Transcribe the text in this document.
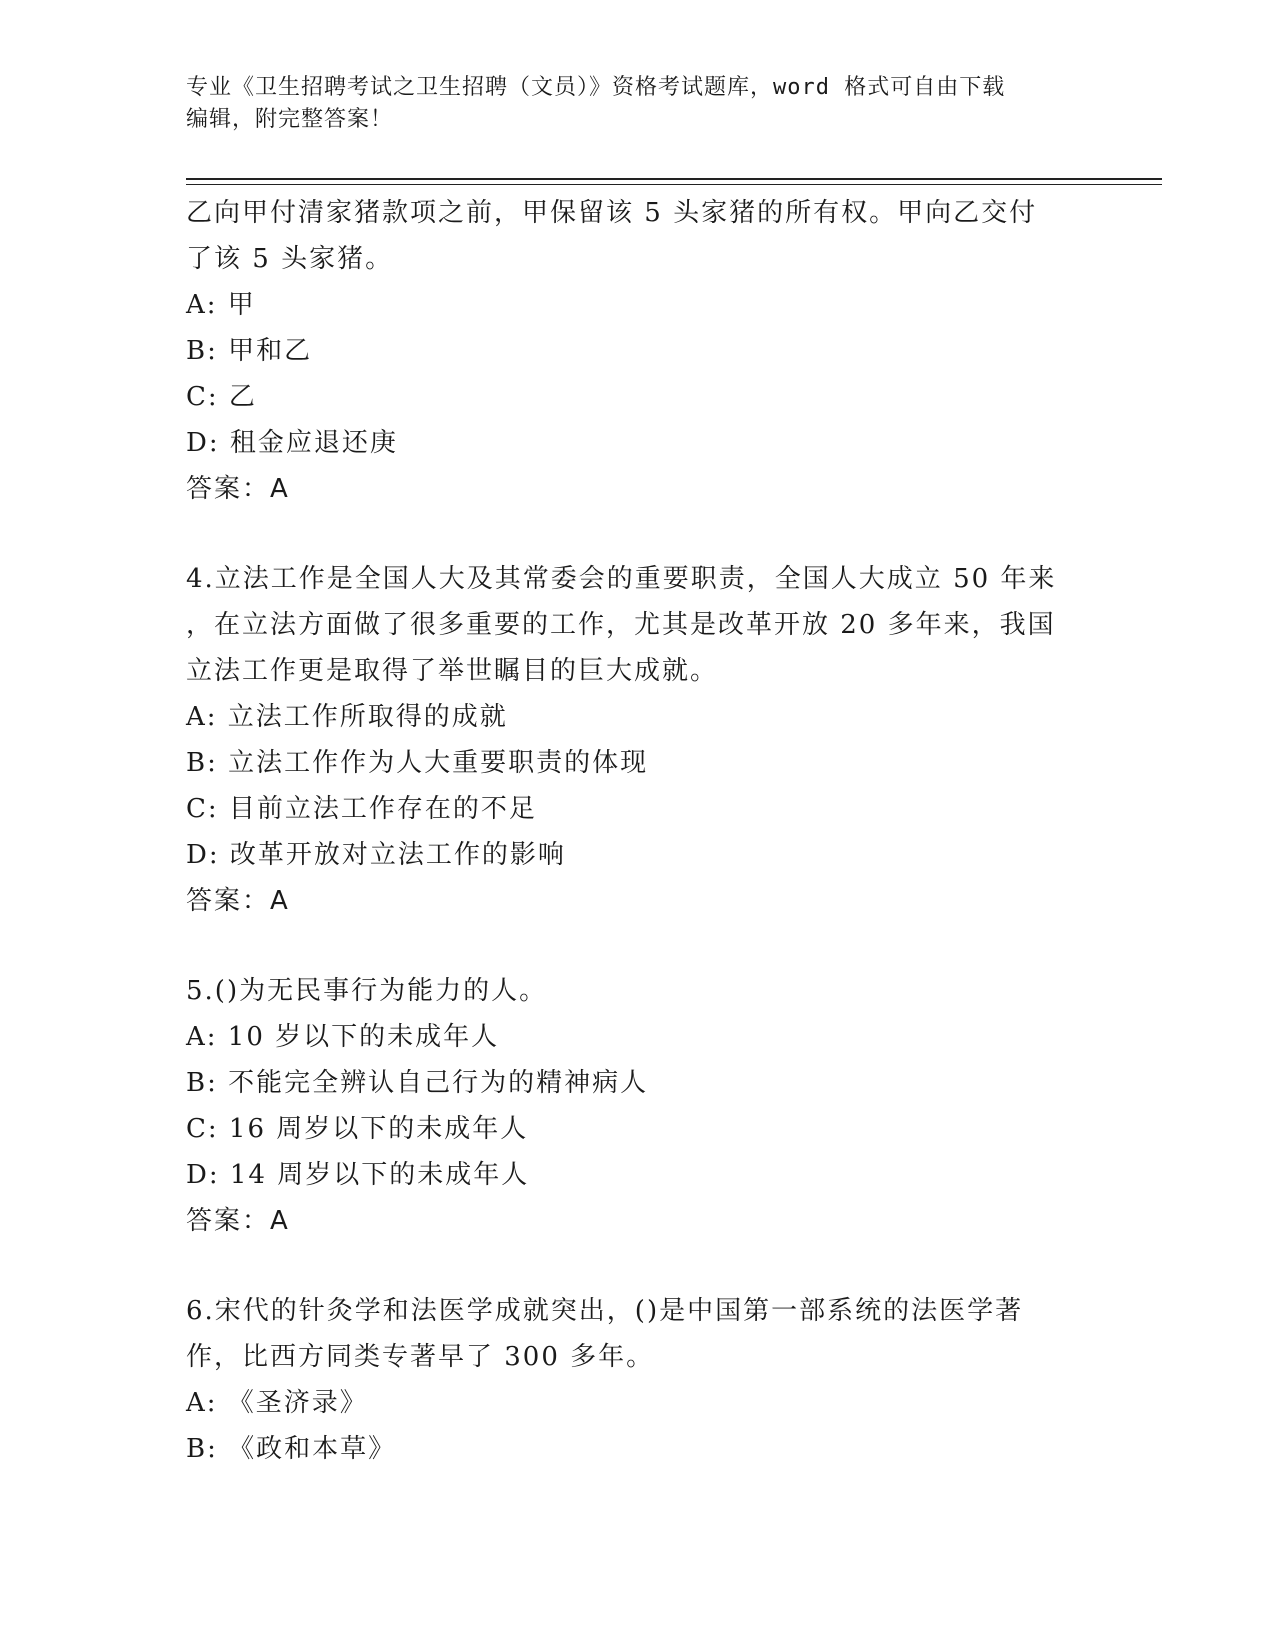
专业《卫生招聘考试之卫生招聘（文员）》资格考试题库，word 格式可自由下载
编辑，附完整答案！
乙向甲付清家猪款项之前，甲保留该 5 头家猪的所有权。甲向乙交付
了该 5 头家猪。
A: 甲
B: 甲和乙
C: 乙
D: 租金应退还庚
答案：A
4.立法工作是全国人大及其常委会的重要职责，全国人大成立 50 年来
，在立法方面做了很多重要的工作，尤其是改革开放 20 多年来，我国
立法工作更是取得了举世瞩目的巨大成就。
A: 立法工作所取得的成就
B: 立法工作作为人大重要职责的体现
C: 目前立法工作存在的不足
D: 改革开放对立法工作的影响
答案：A
5.()为无民事行为能力的人。
A: 10 岁以下的未成年人
B: 不能完全辨认自己行为的精神病人
C: 16 周岁以下的未成年人
D: 14 周岁以下的未成年人
答案：A
6.宋代的针灸学和法医学成就突出，()是中国第一部系统的法医学著
作，比西方同类专著早了 300 多年。
A: 《圣济录》
B: 《政和本草》
